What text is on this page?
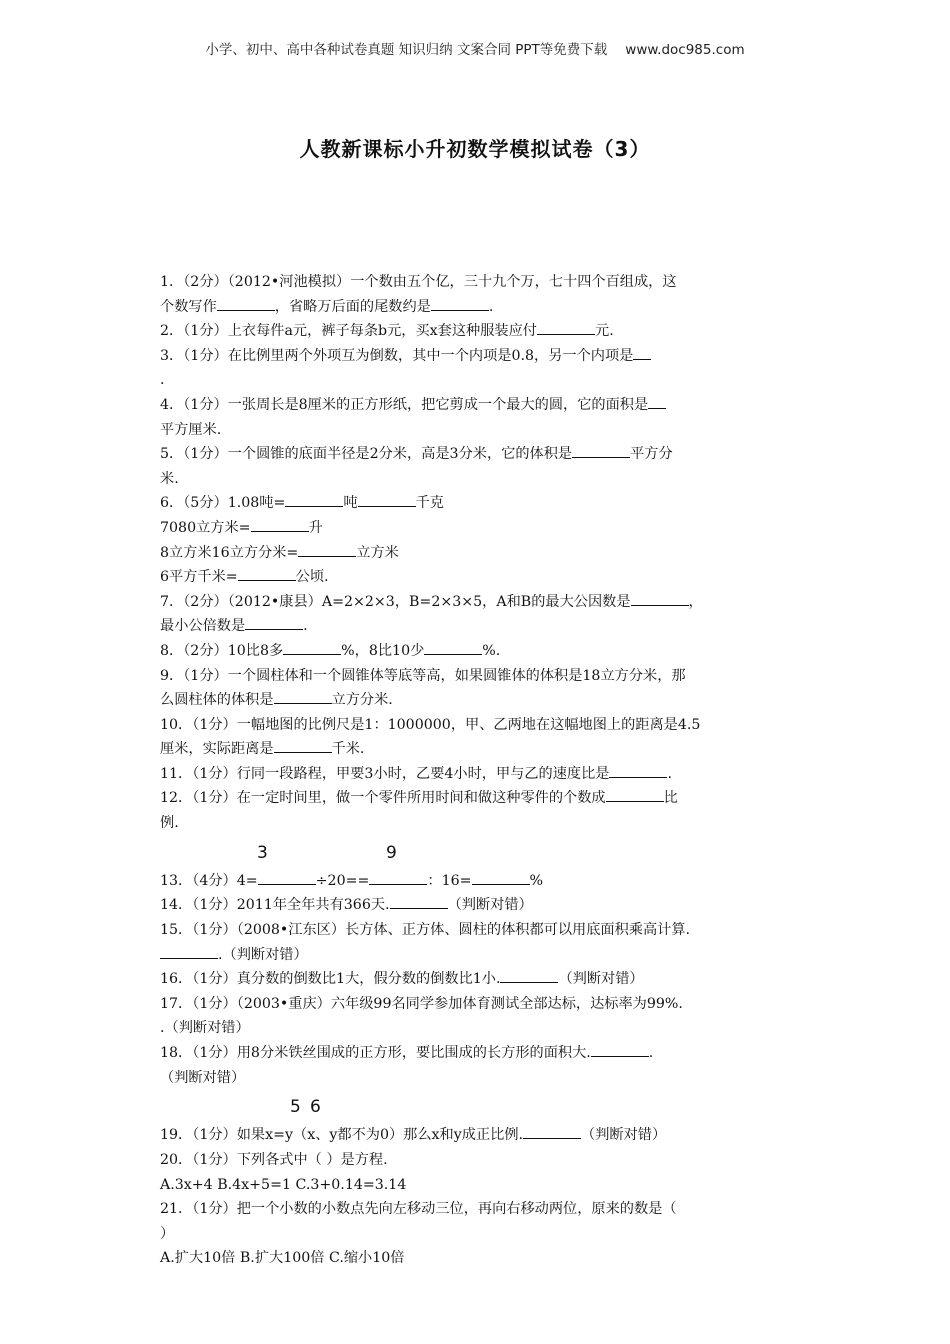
小学、初中、高中各种试卷真题 知识归纳 文案合同 PPT等免费下载 www.doc985.com
人教新课标小升初数学模拟试卷（3）
1．（2分）（2012•河池模拟）一个数由五个亿，三十九个万，七十四个百组成，这
个数写作	，省略万后面的尾数约是	.
2．（1分）上衣每件a元，裤子每条b元，买x套这种服装应付	元.
3．（1分）在比例里两个外项互为倒数，其中一个内项是0.8，另一个内项是
.
4．（1分）一张周长是8厘米的正方形纸，把它剪成一个最大的圆，它的面积是
平方厘米.
5．（1分）一个圆锥的底面半径是2分米，高是3分米，它的体积是	平方分
米.
6．（5分）1.08吨=	吨	千克
7080立方米=	升
8立方米16立方分米=	立方米
6平方千米=	公顷.
7．（2分）（2012•康县）A=2×2×3，B=2×3×5，A和B的最大公因数是	，
最小公倍数是	.
8．（2分）10比8多	%，8比10少	%.
9．（1分）一个圆柱体和一个圆锥体等底等高，如果圆锥体的体积是18立方分米，那
么圆柱体的体积是	立方分米.
10．（1分）一幅地图的比例尺是1：1000000，甲、乙两地在这幅地图上的距离是4.5
厘米，实际距离是	千米.
11．（1分）行同一段路程，甲要3小时，乙要4小时，甲与乙的速度比是	.
12．（1分）在一定时间里，做一个零件所用时间和做这种零件的个数成	比
例.
3	9
13．（4分）4=	÷20==	：16=	%
14．（1分）2011年全年共有366天.	（判断对错）
15．（1分）（2008•江东区）长方体、正方体、圆柱的体积都可以用底面积乘高计算.
.（判断对错）
16．（1分）真分数的倒数比1大，假分数的倒数比1小.	（判断对错）
17．（1分）（2003•重庆）六年级99名同学参加体育测试全部达标，达标率为99%.
.（判断对错）
18．（1分）用8分米铁丝围成的正方形，要比围成的长方形的面积大.	.
（判断对错）
5 6
19．（1分）如果x=y（x、y都不为0）那么x和y成正比例.	（判断对错）
20．（1分）下列各式中（ ）是方程.
A.3x+4 B.4x+5=1 C.3+0.14=3.14
21．（1分）把一个小数的小数点先向左移动三位，再向右移动两位，原来的数是（
）
A.扩大10倍 B.扩大100倍 C.缩小10倍
